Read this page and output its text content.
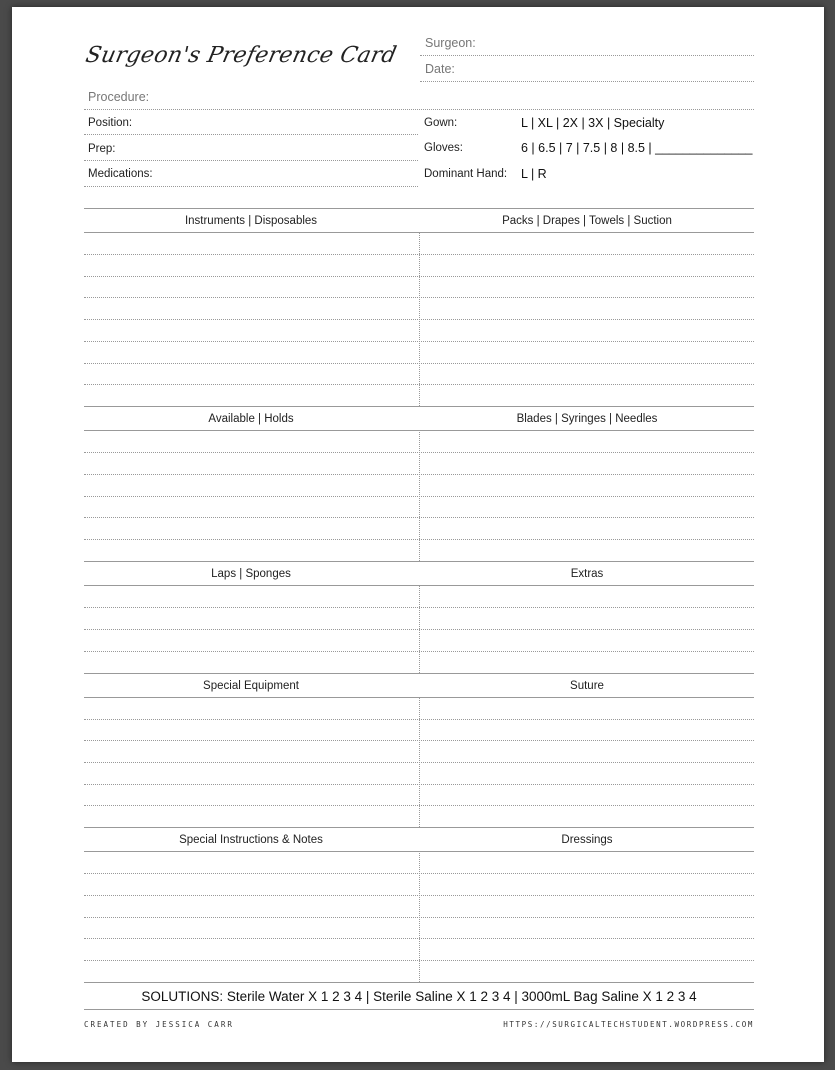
Surgeon's Preference Card Surgeon:
Date:
Procedure:
Position:
Prep:
Medications:
Gown:	L | XL | 2X | 3X | Specialty
Gloves:	6 | 6.5 | 7 | 7.5 | 8 | 8.5 | ______________
Dominant Hand: L | R
Instruments | Disposables	Packs | Drapes | Towels | Suction
Available | Holds	Blades | Syringes | Needles
Laps | Sponges	Extras
Special Equipment	Suture
Special Instructions & Notes	Dressings
SOLUTIONS: Sterile Water X 1 2 3 4 | Sterile Saline X 1 2 3 4 | 3000mL Bag Saline X 1 2 3 4
CREATED BY JESSICA CARR	HTTPS://SURGICALTECHSTUDENT.WORDPRESS.COM
